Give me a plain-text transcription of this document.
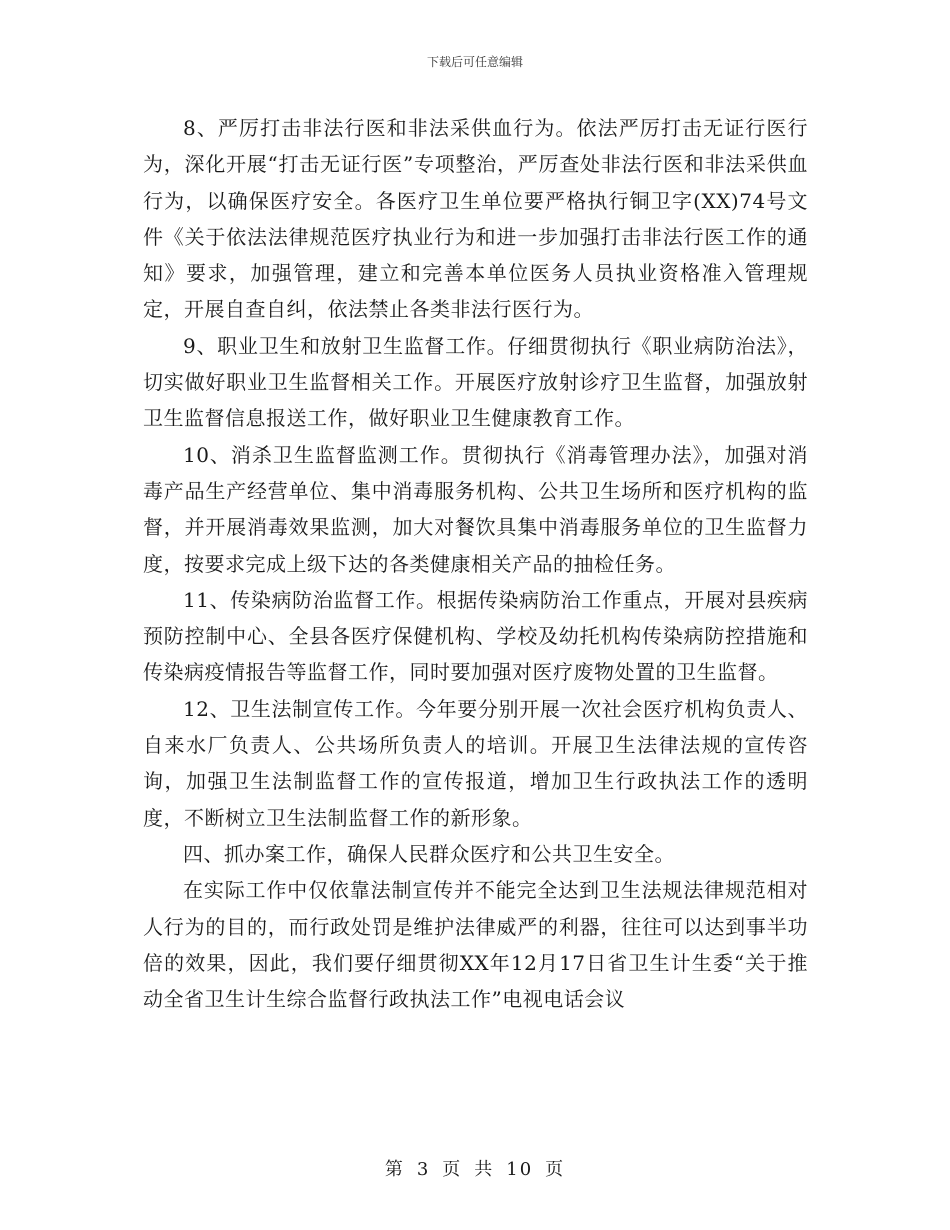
下载后可任意编辑

8、严厉打击非法行医和非法采供血行为。依法严厉打击无证行医行为，深化开展“打击无证行医”专项整治，严厉查处非法行医和非法采供血行为，以确保医疗安全。各医疗卫生单位要严格执行铜卫字(XX)74号文件《关于依法法律规范医疗执业行为和进一步加强打击非法行医工作的通知》要求，加强管理，建立和完善本单位医务人员执业资格准入管理规定，开展自查自纠，依法禁止各类非法行医行为。

9、职业卫生和放射卫生监督工作。仔细贯彻执行《职业病防治法》，切实做好职业卫生监督相关工作。开展医疗放射诊疗卫生监督，加强放射卫生监督信息报送工作，做好职业卫生健康教育工作。

10、消杀卫生监督监测工作。贯彻执行《消毒管理办法》，加强对消毒产品生产经营单位、集中消毒服务机构、公共卫生场所和医疗机构的监督，并开展消毒效果监测，加大对餐饮具集中消毒服务单位的卫生监督力度，按要求完成上级下达的各类健康相关产品的抽检任务。

11、传染病防治监督工作。根据传染病防治工作重点，开展对县疾病预防控制中心、全县各医疗保健机构、学校及幼托机构传染病防控措施和传染病疫情报告等监督工作，同时要加强对医疗废物处置的卫生监督。

12、卫生法制宣传工作。今年要分别开展一次社会医疗机构负责人、自来水厂负责人、公共场所负责人的培训。开展卫生法律法规的宣传咨询，加强卫生法制监督工作的宣传报道，增加卫生行政执法工作的透明度，不断树立卫生法制监督工作的新形象。

四、抓办案工作，确保人民群众医疗和公共卫生安全。

在实际工作中仅依靠法制宣传并不能完全达到卫生法规法律规范相对人行为的目的，而行政处罚是维护法律威严的利器，往往可以达到事半功倍的效果，因此，我们要仔细贯彻XX年12月17日省卫生计生委“关于推动全省卫生计生综合监督行政执法工作”电视电话会议

第 3 页 共 10 页
